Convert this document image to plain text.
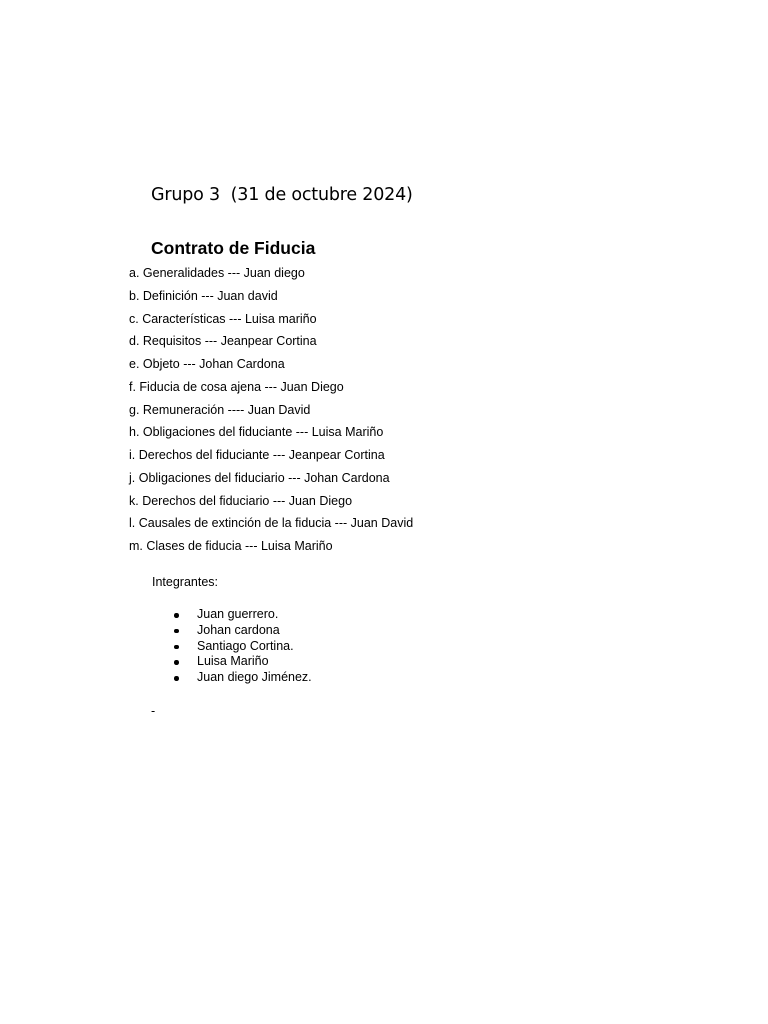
Grupo 3  (31 de octubre 2024)
Contrato de Fiducia
a. Generalidades --- Juan diego
b. Definición --- Juan david
c. Características --- Luisa mariño
d. Requisitos --- Jeanpear Cortina
e. Objeto --- Johan Cardona
f. Fiducia de cosa ajena --- Juan Diego
g. Remuneración ---- Juan David
h. Obligaciones del fiduciante --- Luisa Mariño
i. Derechos del fiduciante --- Jeanpear Cortina
j. Obligaciones del fiduciario --- Johan Cardona
k. Derechos del fiduciario --- Juan Diego
l. Causales de extinción de la fiducia --- Juan David
m. Clases de fiducia --- Luisa Mariño

Integrantes:

Juan guerrero.
Johan cardona
Santiago Cortina.
Luisa Mariño
Juan diego Jiménez.

-
